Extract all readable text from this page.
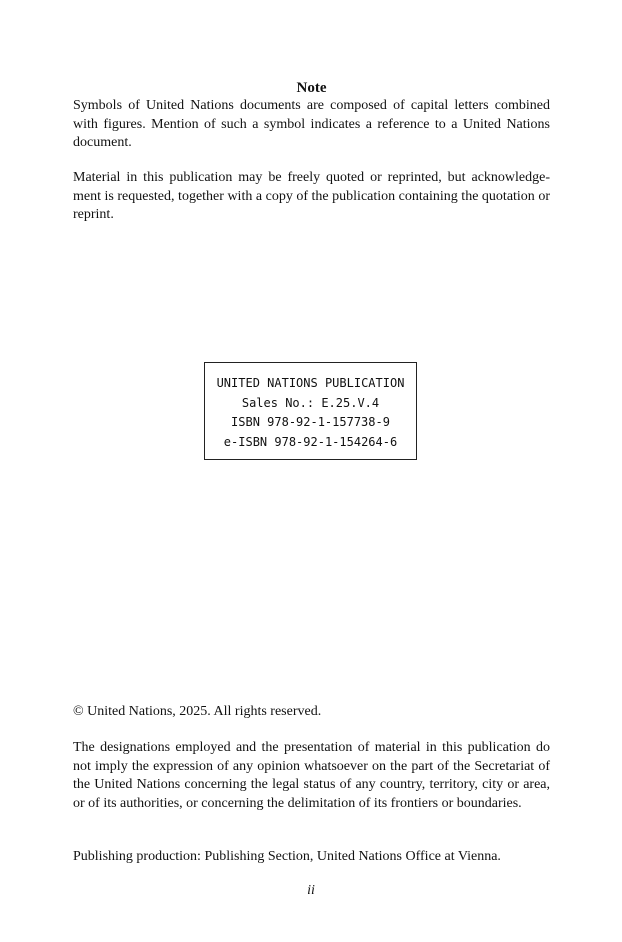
Note

Symbols of United Nations documents are composed of capital letters combined with figures. Mention of such a symbol indicates a reference to a United Nations document.

Material in this publication may be freely quoted or reprinted, but acknowledge-ment is requested, together with a copy of the publication containing the quotation or reprint.

UNITED NATIONS PUBLICATION
Sales No.: E.25.V.4
ISBN 978-92-1-157738-9
e-ISBN 978-92-1-154264-6

© United Nations, 2025. All rights reserved.

The designations employed and the presentation of material in this publication do not imply the expression of any opinion whatsoever on the part of the Secretariat of the United Nations concerning the legal status of any country, territory, city or area, or of its authorities, or concerning the delimitation of its frontiers or boundaries.

Publishing production: Publishing Section, United Nations Office at Vienna.

ii
